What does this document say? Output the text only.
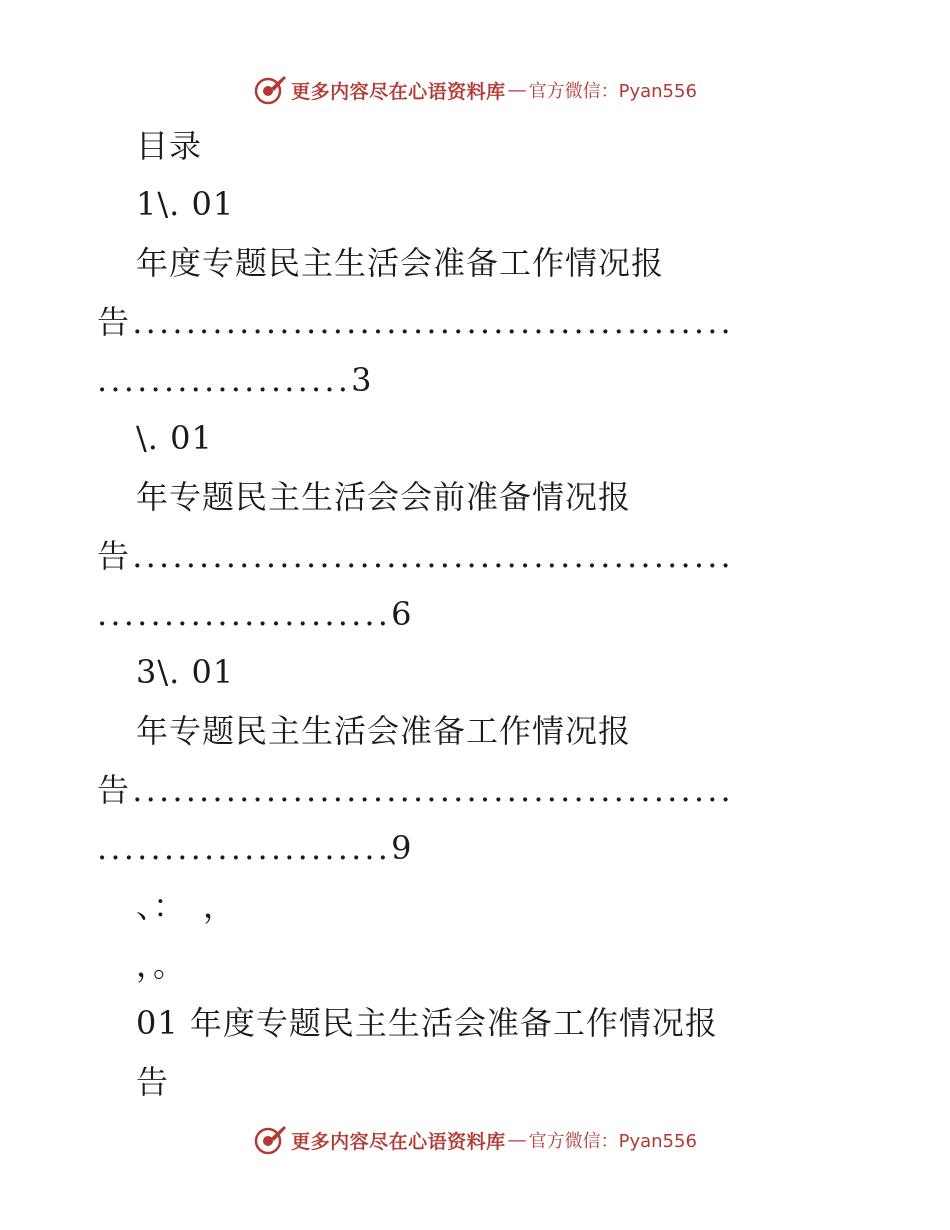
更多内容尽在心语资料库 — 官方微信：Pyan556
目录
1\. 01
年度专题民主生活会准备工作情况报
告.............................................
...................3
\. 01
年专题民主生活会会前准备情况报
告.............................................
......................6
3\. 01
年专题民主生活会准备工作情况报
告.............................................
......................9
、：　，
，。
01 年度专题民主生活会准备工作情况报
告
更多内容尽在心语资料库 — 官方微信：Pyan556
